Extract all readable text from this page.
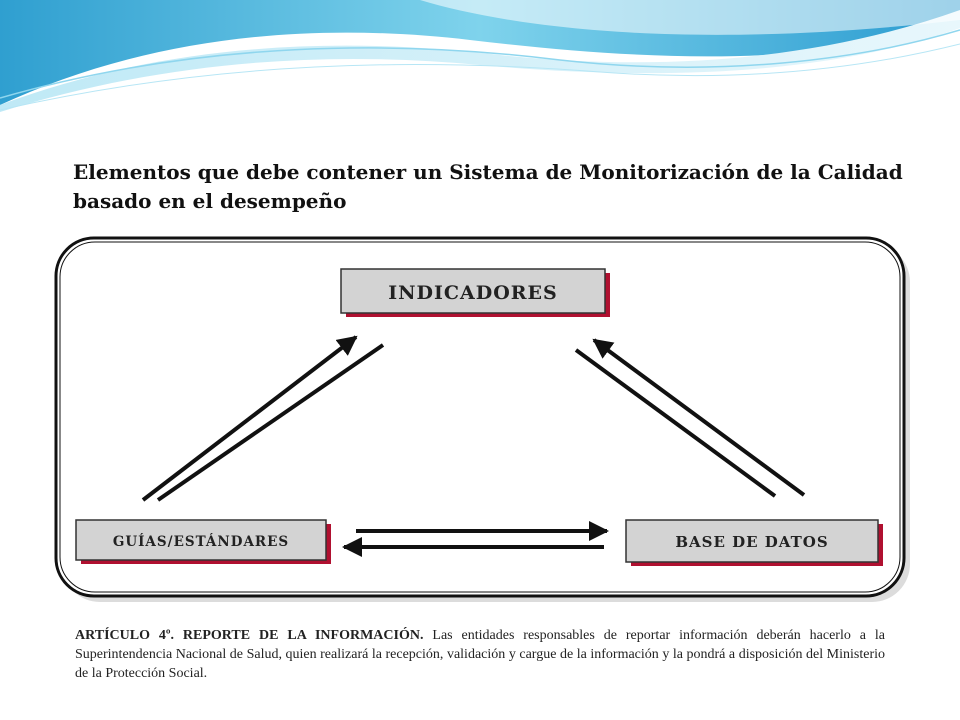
Elementos que debe contener un Sistema de Monitorización de la Calidad
basado en el desempeño
INDICADORES
GUÍAS/ESTÁNDARES	BASE DE DATOS
ARTÍCULO 4º. REPORTE DE LA INFORMACIÓN. Las entidades responsables de reportar información deberán hacerlo a la Superintendencia Nacional de Salud, quien realizará la recepción, validación y cargue de la información y la pondrá a disposición del Ministerio de la Protección Social.
